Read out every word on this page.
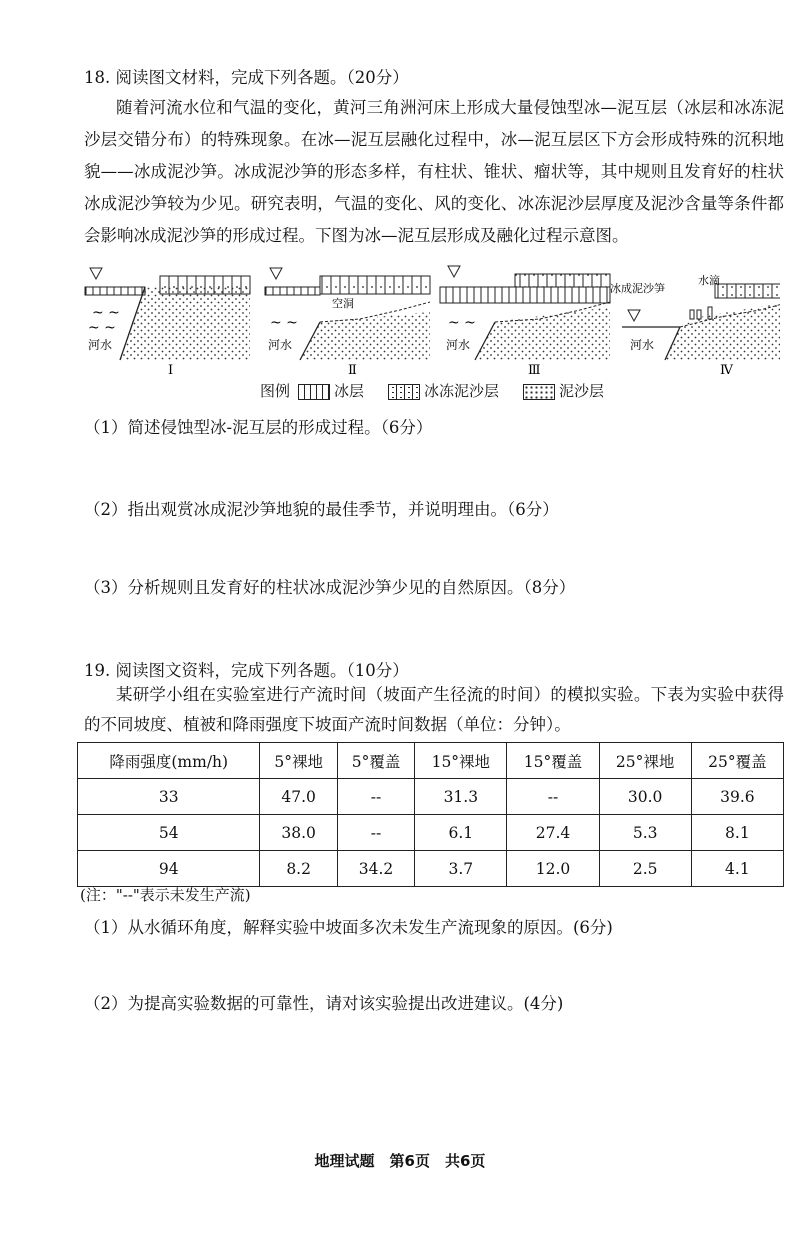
18. 阅读图文材料，完成下列各题。（20分）
随着河流水位和气温的变化，黄河三角洲河床上形成大量侵蚀型冰—泥互层（冰层和冰冻泥沙层交错分布）的特殊现象。在冰—泥互层融化过程中，冰—泥互层区下方会形成特殊的沉积地貌——冰成泥沙笋。冰成泥沙笋的形态多样，有柱状、锥状、瘤状等，其中规则且发育好的柱状冰成泥沙笋较为少见。研究表明，气温的变化、风的变化、冰冻泥沙层厚度及泥沙含量等条件都会影响冰成泥沙笋的形成过程。下图为冰—泥互层形成及融化过程示意图。
~ ~
~ ~
河水
Ⅰ
空洞
~ ~
河水
Ⅱ
~ ~
河水
Ⅲ
冰成泥沙笋
水滴
河水
Ⅳ
图例	冰层	冰冻泥沙层	泥沙层
（1）简述侵蚀型冰-泥互层的形成过程。（6分）
（2）指出观赏冰成泥沙笋地貌的最佳季节，并说明理由。（6分）
（3）分析规则且发育好的柱状冰成泥沙笋少见的自然原因。（8分）
19. 阅读图文资料，完成下列各题。（10分）
某研学小组在实验室进行产流时间（坡面产生径流的时间）的模拟实验。下表为实验中获得的不同坡度、植被和降雨强度下坡面产流时间数据（单位：分钟）。
降雨强度(mm/h)	5°裸地	5°覆盖	15°裸地	15°覆盖	25°裸地	25°覆盖
33	47.0	--	31.3	--	30.0	39.6
54	38.0	--	6.1	27.4	5.3	8.1
94	8.2	34.2	3.7	12.0	2.5	4.1
(注："--"表示未发生产流)
（1）从水循环角度，解释实验中坡面多次未发生产流现象的原因。(6分)
（2）为提高实验数据的可靠性，请对该实验提出改进建议。(4分)
地理试题　第6页　共6页
